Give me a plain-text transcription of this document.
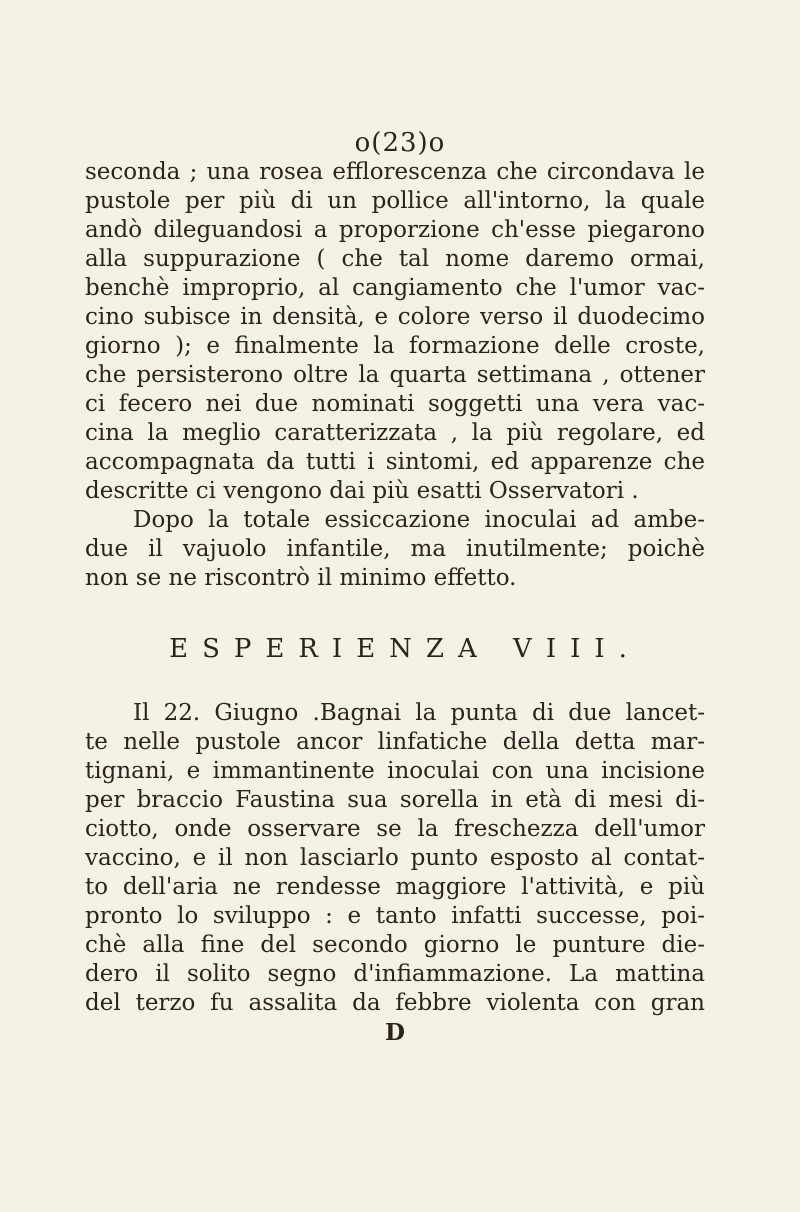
o(23)o
seconda ; una rosea efflorescenza che circondava le
pustole per più di un pollice all'intorno, la quale
andò dileguandosi a proporzione ch'esse piegarono
alla suppurazione ( che tal nome daremo ormai,
benchè improprio, al cangiamento che l'umor vac-
cino subisce in densità, e colore verso il duodecimo
giorno ); e finalmente la formazione delle croste,
che persisterono oltre la quarta settimana , ottener
ci fecero nei due nominati soggetti una vera vac-
cina la meglio caratterizzata , la più regolare, ed
accompagnata da tutti i sintomi, ed apparenze che
descritte ci vengono dai più esatti Osservatori .
Dopo la totale essiccazione inoculai ad ambe-
due il vajuolo infantile, ma inutilmente; poichè
non se ne riscontrò il minimo effetto.
ESPERIENZA VIII.
Il 22. Giugno .Bagnai la punta di due lancet-
te nelle pustole ancor linfatiche della detta mar-
tignani, e immantinente inoculai con una incisione
per braccio Faustina sua sorella in età di mesi di-
ciotto, onde osservare se la freschezza dell'umor
vaccino, e il non lasciarlo punto esposto al contat-
to dell'aria ne rendesse maggiore l'attività, e più
pronto lo sviluppo : e tanto infatti successe, poi-
chè alla fine del secondo giorno le punture die-
dero il solito segno d'infiammazione. La mattina
del terzo fu assalita da febbre violenta con gran
D
